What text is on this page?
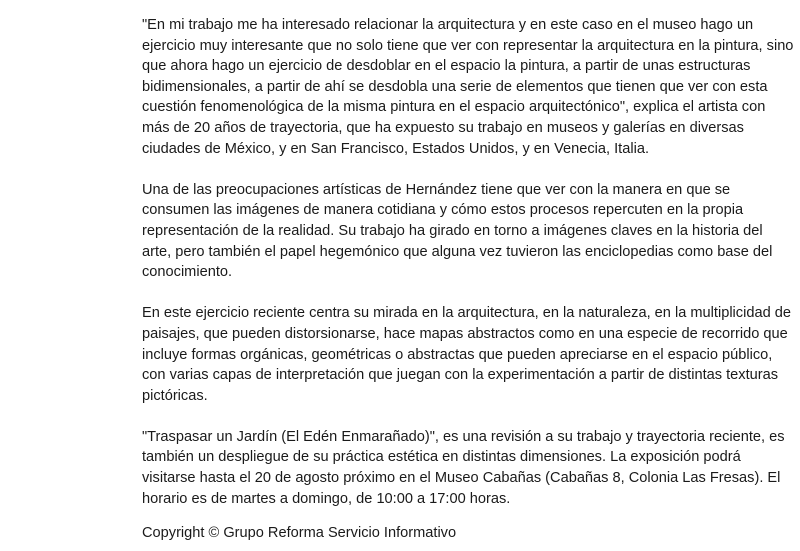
"En mi trabajo me ha interesado relacionar la arquitectura y en este caso en el museo hago un ejercicio muy interesante que no solo tiene que ver con representar la arquitectura en la pintura, sino que ahora hago un ejercicio de desdoblar en el espacio la pintura, a partir de unas estructuras bidimensionales, a partir de ahí se desdobla una serie de elementos que tienen que ver con esta cuestión fenomenológica de la misma pintura en el espacio arquitectónico", explica el artista con más de 20 años de trayectoria, que ha expuesto su trabajo en museos y galerías en diversas ciudades de México, y en San Francisco, Estados Unidos, y en Venecia, Italia.

Una de las preocupaciones artísticas de Hernández tiene que ver con la manera en que se consumen las imágenes de manera cotidiana y cómo estos procesos repercuten en la propia representación de la realidad. Su trabajo ha girado en torno a imágenes claves en la historia del arte, pero también el papel hegemónico que alguna vez tuvieron las enciclopedias como base del conocimiento.

En este ejercicio reciente centra su mirada en la arquitectura, en la naturaleza, en la multiplicidad de paisajes, que pueden distorsionarse, hace mapas abstractos como en una especie de recorrido que incluye formas orgánicas, geométricas o abstractas que pueden apreciarse en el espacio público, con varias capas de interpretación que juegan con la experimentación a partir de distintas texturas pictóricas.

"Traspasar un Jardín (El Edén Enmarañado)", es una revisión a su trabajo y trayectoria reciente, es también un despliegue de su práctica estética en distintas dimensiones. La exposición podrá visitarse hasta el 20 de agosto próximo en el Museo Cabañas (Cabañas 8, Colonia Las Fresas). El horario es de martes a domingo, de 10:00 a 17:00 horas.

Copyright © Grupo Reforma Servicio Informativo
